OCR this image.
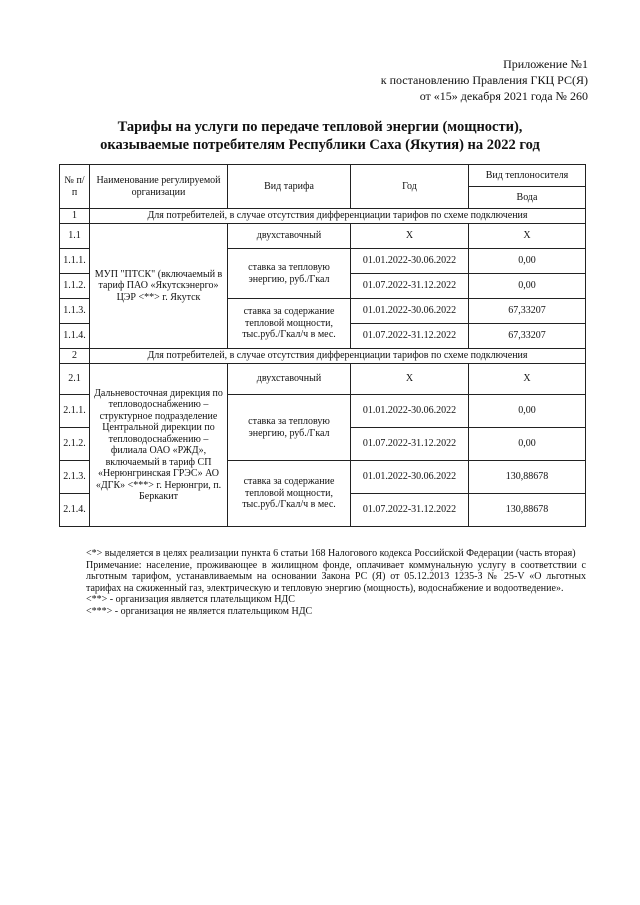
Приложение №1
к постановлению Правления ГКЦ РС(Я)
от «15» декабря 2021 года № 260
Тарифы на услуги по передаче тепловой энергии (мощности),
оказываемые потребителям Республики Саха (Якутия) на 2022 год
№ п/п	Наименование регулируемой организации	Вид тарифа	Год	Вид теплоносителя
				Вода
1	Для потребителей, в случае отсутствия дифференциации тарифов по схеме подключения			
1.1	МУП "ПТСК" (включаемый в тариф ПАО «Якутскэнерго» ЦЭР <**> г. Якутск	двухставочный	Х	Х
1.1.1.		ставка за тепловую энергию, руб./Гкал	01.01.2022-30.06.2022	0,00
1.1.2.			01.07.2022-31.12.2022	0,00
1.1.3.		ставка за содержание тепловой мощности, тыс.руб./Гкал/ч в мес.	01.01.2022-30.06.2022	67,33207
1.1.4.			01.07.2022-31.12.2022	67,33207
2	Для потребителей, в случае отсутствия дифференциации тарифов по схеме подключения			
2.1	Дальневосточная дирекция по тепловодоснабжению – структурное подразделение Центральной дирекции по тепловодоснабжению – филиала ОАО «РЖД», включаемый в тариф СП «Нерюнгринская ГРЭС» АО «ДГК» <***> г. Нерюнгри, п. Беркакит	двухставочный	Х	Х
2.1.1.		ставка за тепловую энергию, руб./Гкал	01.01.2022-30.06.2022	0,00
2.1.2.			01.07.2022-31.12.2022	0,00
2.1.3.		ставка за содержание тепловой мощности, тыс.руб./Гкал/ч в мес.	01.01.2022-30.06.2022	130,88678
2.1.4.			01.07.2022-31.12.2022	130,88678

<*> выделяется в целях реализации пункта 6 статьи 168 Налогового кодекса Российской Федерации (часть вторая)

Примечание: население, проживающее в жилищном фонде, оплачивает коммунальную услугу в соответствии с льготным тарифом, устанавливаемым на основании Закона РС (Я) от 05.12.2013 1235-З № 25-V «О льготных тарифах на сжиженный газ, электрическую и тепловую энергию (мощность), водоснабжение и водоотведение».

<**> - организация является плательщиком НДС

<***> - организация не является плательщиком НДС
